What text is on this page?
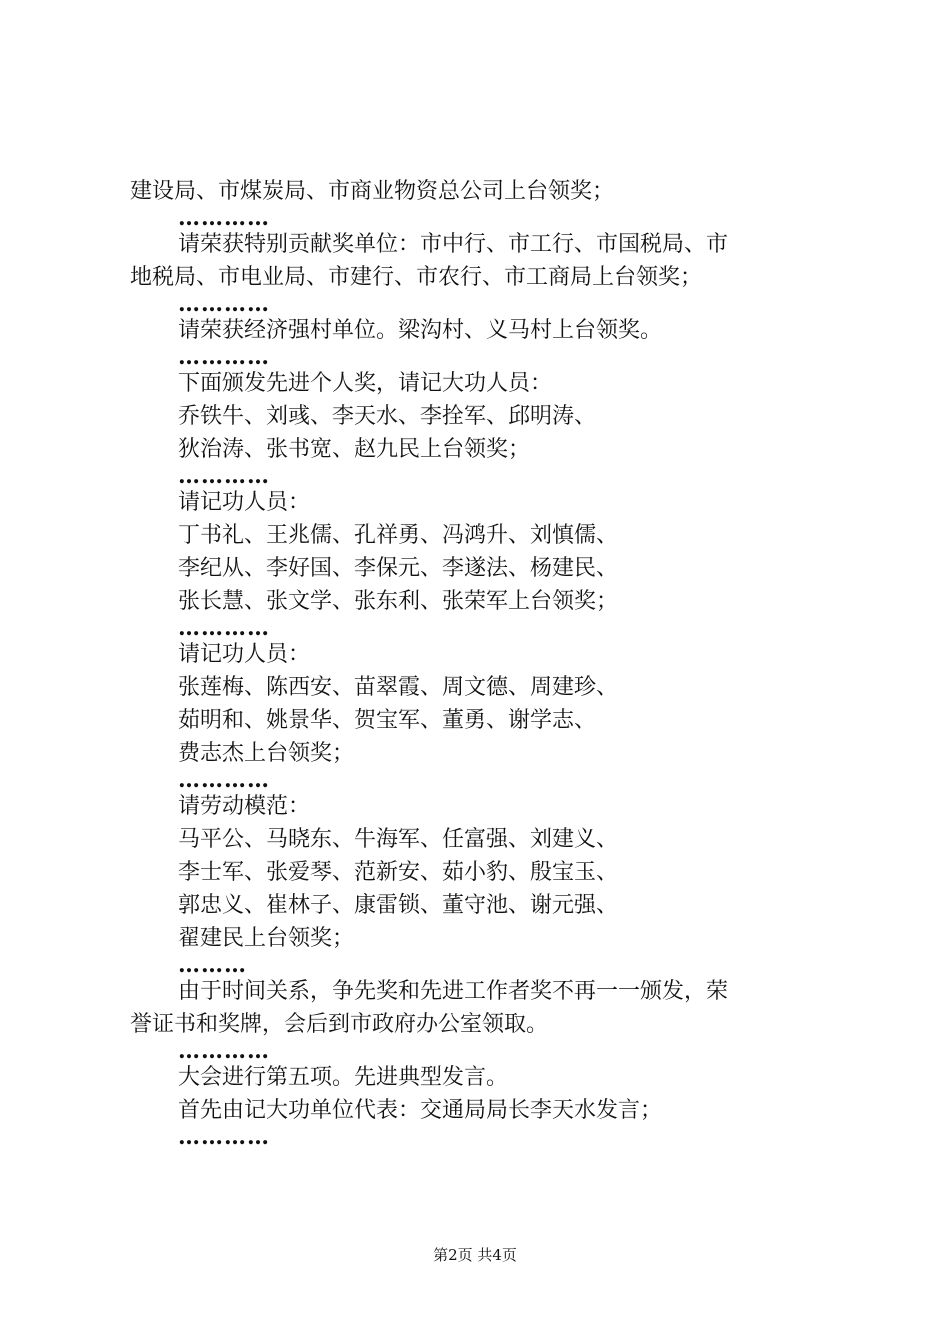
建设局、市煤炭局、市商业物资总公司上台领奖；
…………
请荣获特别贡献奖单位：市中行、市工行、市国税局、市
地税局、市电业局、市建行、市农行、市工商局上台领奖；
…………
请荣获经济强村单位。梁沟村、义马村上台领奖。
…………
下面颁发先进个人奖，请记大功人员：
乔铁牛、刘彧、李天水、李拴军、邱明涛、
狄治涛、张书宽、赵九民上台领奖；
…………
请记功人员：
丁书礼、王兆儒、孔祥勇、冯鸿升、刘慎儒、
李纪从、李好国、李保元、李遂法、杨建民、
张长慧、张文学、张东利、张荣军上台领奖；
…………
请记功人员：
张莲梅、陈西安、苗翠霞、周文德、周建珍、
茹明和、姚景华、贺宝军、董勇、谢学志、
费志杰上台领奖；
…………
请劳动模范：
马平公、马晓东、牛海军、任富强、刘建义、
李士军、张爱琴、范新安、茹小豹、殷宝玉、
郭忠义、崔林子、康雷锁、董守池、谢元强、
翟建民上台领奖；
………
由于时间关系，争先奖和先进工作者奖不再一一颁发，荣
誉证书和奖牌，会后到市政府办公室领取。
…………
大会进行第五项。先进典型发言。
首先由记大功单位代表：交通局局长李天水发言；
…………
第2页 共4页
